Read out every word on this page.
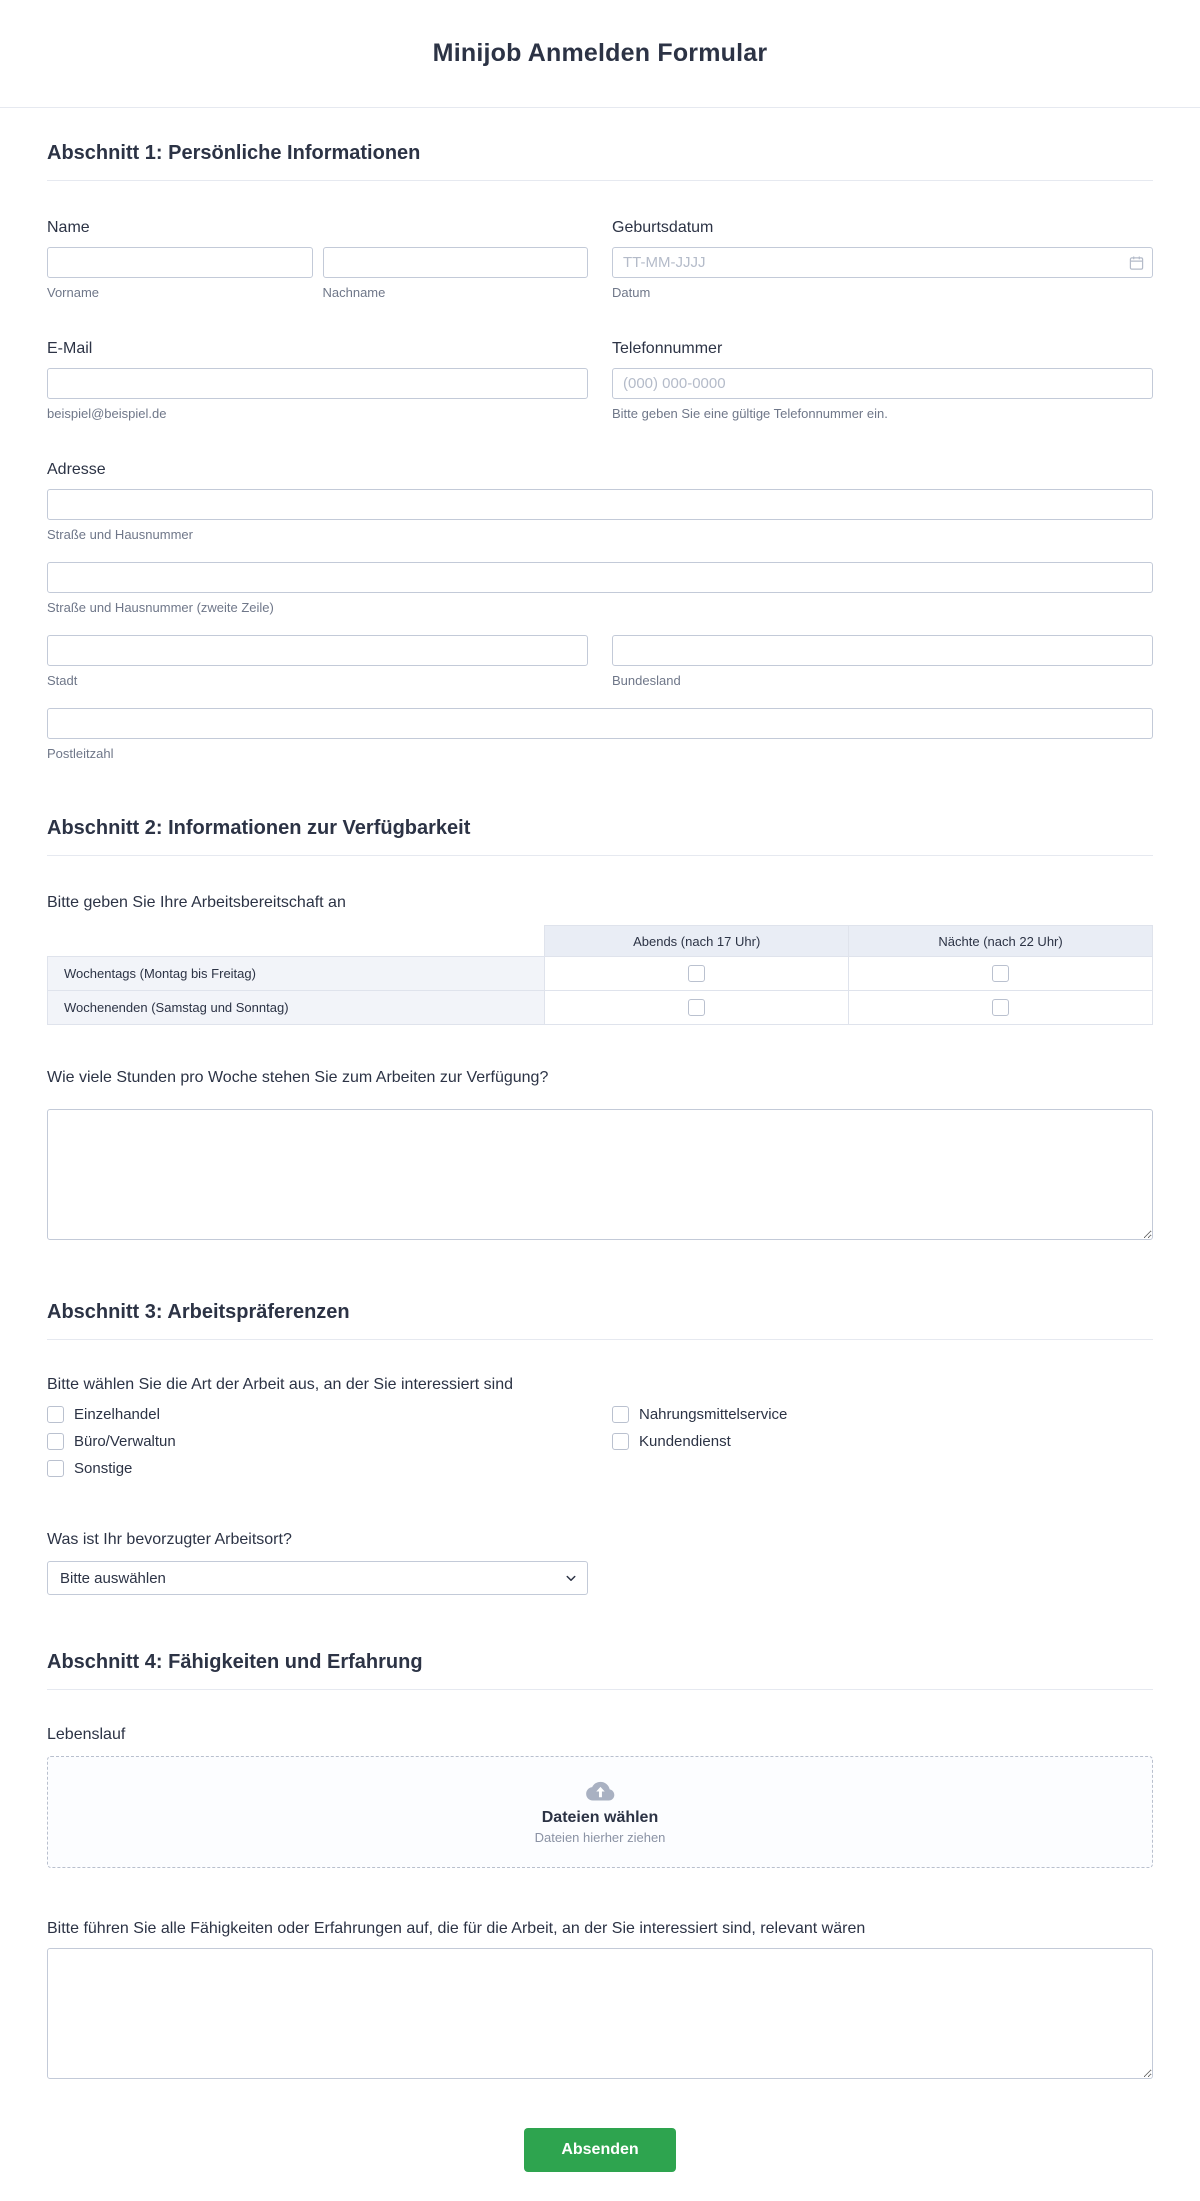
Minijob Anmelden Formular
Abschnitt 1: Persönliche Informationen
Name
Vorname	Nachname
Geburtsdatum
TT-MM-JJJJ
Datum
E-Mail
beispiel@beispiel.de
Telefonnummer
(000) 000-0000
Bitte geben Sie eine gültige Telefonnummer ein.
Adresse
Straße und Hausnummer
Straße und Hausnummer (zweite Zeile)
Stadt	Bundesland
Postleitzahl
Abschnitt 2: Informationen zur Verfügbarkeit
Bitte geben Sie Ihre Arbeitsbereitschaft an
	Abends (nach 17 Uhr)	Nächte (nach 22 Uhr)
Wochentags (Montag bis Freitag)		
Wochenenden (Samstag und Sonntag)		
Wie viele Stunden pro Woche stehen Sie zum Arbeiten zur Verfügung?
Abschnitt 3: Arbeitspräferenzen
Bitte wählen Sie die Art der Arbeit aus, an der Sie interessiert sind
Einzelhandel
Büro/Verwaltun
Sonstige
Nahrungsmittelservice
Kundendienst
Was ist Ihr bevorzugter Arbeitsort?
Bitte auswählen
Abschnitt 4: Fähigkeiten und Erfahrung
Lebenslauf
Dateien wählen
Dateien hierher ziehen
Bitte führen Sie alle Fähigkeiten oder Erfahrungen auf, die für die Arbeit, an der Sie interessiert sind, relevant wären
Absenden
